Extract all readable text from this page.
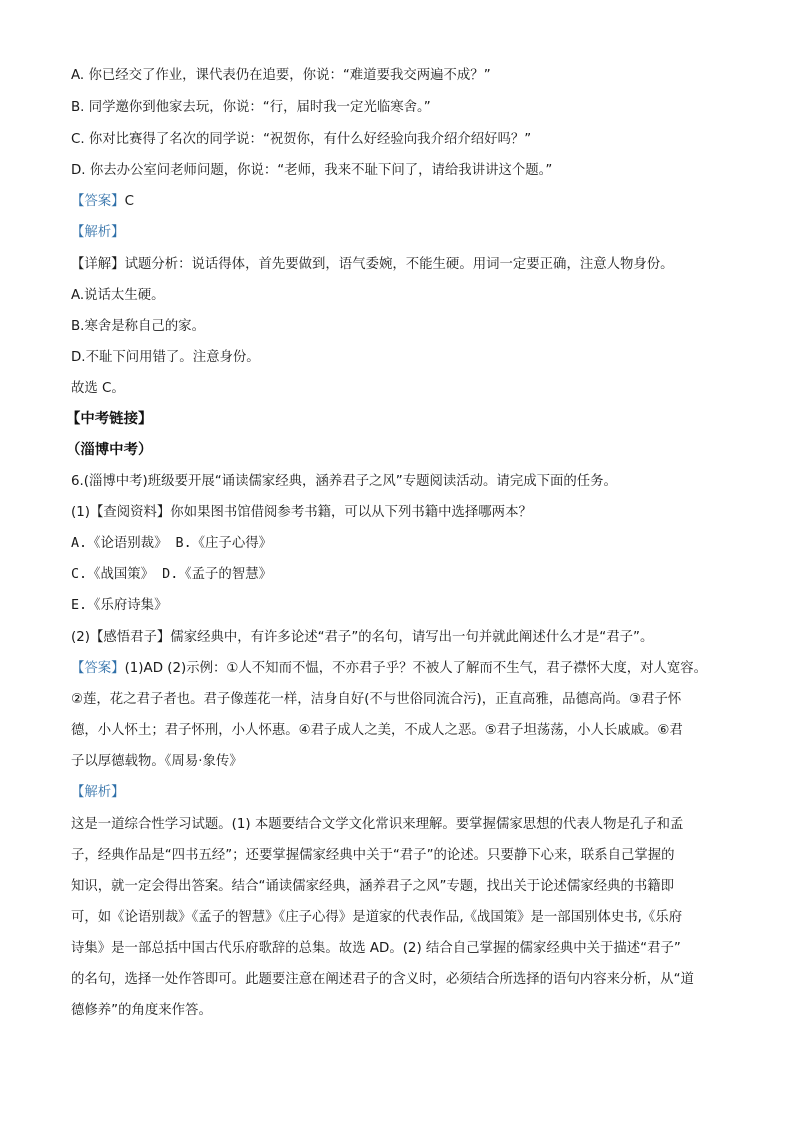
A. 你已经交了作业，课代表仍在追要，你说：“难道要我交两遍不成？”
B. 同学邀你到他家去玩，你说：“行，届时我一定光临寒舍。”
C. 你对比赛得了名次的同学说：“祝贺你，有什么好经验向我介绍介绍好吗？”
D. 你去办公室问老师问题，你说：“老师，我来不耻下问了，请给我讲讲这个题。”
【答案】C
【解析】
【详解】试题分析：说话得体，首先要做到，语气委婉，不能生硬。用词一定要正确，注意人物身份。
A.说话太生硬。
B.寒舍是称自己的家。
D.不耻下问用错了。注意身份。
故选 C。
【中考链接】
（淄博中考）
6.(淄博中考)班级要开展“诵读儒家经典，涵养君子之风”专题阅读活动。请完成下面的任务。
(1)【查阅资料】你如果图书馆借阅参考书籍，可以从下列书籍中选择哪两本？
A.《论语别裁》 B.《庄子心得》
C.《战国策》 D.《孟子的智慧》
E.《乐府诗集》
(2)【感悟君子】儒家经典中，有许多论述“君子”的名句，请写出一句并就此阐述什么才是“君子”。
【答案】(1)AD (2)示例：①人不知而不愠，不亦君子乎？不被人了解而不生气，君子襟怀大度，对人宽容。
②莲，花之君子者也。君子像莲花一样，洁身自好(不与世俗同流合污)，正直高雅，品德高尚。③君子怀
德，小人怀土；君子怀刑，小人怀惠。④君子成人之美，不成人之恶。⑤君子坦荡荡，小人长戚戚。⑥君
子以厚德载物。《周易·象传》
【解析】
这是一道综合性学习试题。(1) 本题要结合文学文化常识来理解。要掌握儒家思想的代表人物是孔子和孟
子，经典作品是“四书五经”；还要掌握儒家经典中关于“君子”的论述。只要静下心来，联系自己掌握的
知识，就一定会得出答案。结合“诵读儒家经典，涵养君子之风”专题，找出关于论述儒家经典的书籍即
可，如《论语别裁》《孟子的智慧》《庄子心得》是道家的代表作品,《战国策》是一部国别体史书,《乐府
诗集》是一部总括中国古代乐府歌辞的总集。故选 AD。(2) 结合自己掌握的儒家经典中关于描述“君子”
的名句，选择一处作答即可。此题要注意在阐述君子的含义时，必须结合所选择的语句内容来分析，从“道
德修养”的角度来作答。
